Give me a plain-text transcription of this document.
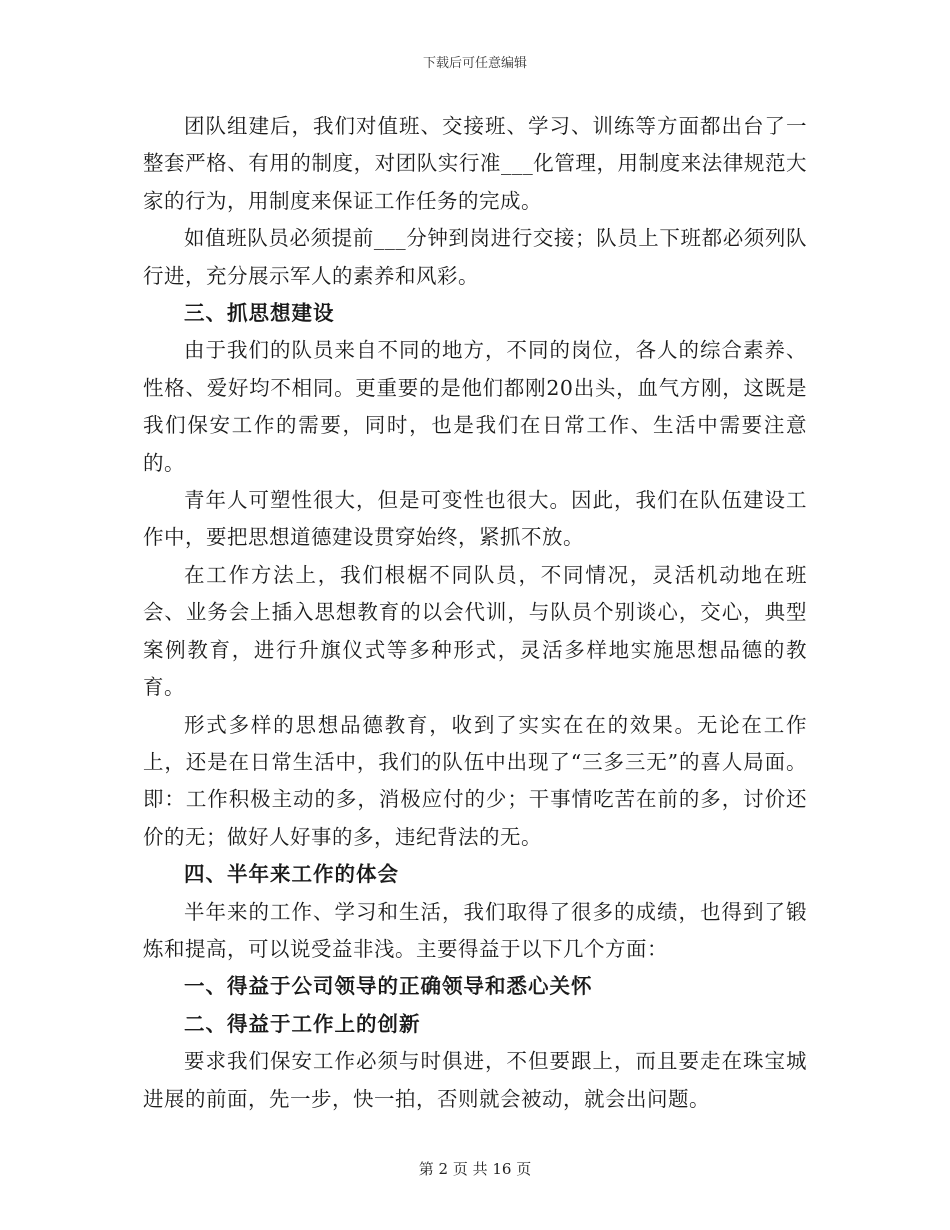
下载后可任意编辑

团队组建后，我们对值班、交接班、学习、训练等方面都出台了一整套严格、有用的制度，对团队实行准___化管理，用制度来法律规范大家的行为，用制度来保证工作任务的完成。

如值班队员必须提前___分钟到岗进行交接；队员上下班都必须列队行进，充分展示军人的素养和风彩。

三、抓思想建设

由于我们的队员来自不同的地方，不同的岗位，各人的综合素养、性格、爱好均不相同。更重要的是他们都刚20出头，血气方刚，这既是我们保安工作的需要，同时，也是我们在日常工作、生活中需要注意的。

青年人可塑性很大，但是可变性也很大。因此，我们在队伍建设工作中，要把思想道德建设贯穿始终，紧抓不放。

在工作方法上，我们根椐不同队员，不同情况，灵活机动地在班会、业务会上插入思想教育的以会代训，与队员个别谈心，交心，典型案例教育，进行升旗仪式等多种形式，灵活多样地实施思想品德的教育。

形式多样的思想品德教育，收到了实实在在的效果。无论在工作上，还是在日常生活中，我们的队伍中出现了“三多三无”的喜人局面。即：工作积极主动的多，消极应付的少；干事情吃苦在前的多，讨价还价的无；做好人好事的多，违纪背法的无。

四、半年来工作的体会

半年来的工作、学习和生活，我们取得了很多的成绩，也得到了锻炼和提高，可以说受益非浅。主要得益于以下几个方面：

一、得益于公司领导的正确领导和悉心关怀

二、得益于工作上的创新

要求我们保安工作必须与时俱进，不但要跟上，而且要走在珠宝城进展的前面，先一步，快一拍，否则就会被动，就会出问题。

第 2 页 共 16 页
